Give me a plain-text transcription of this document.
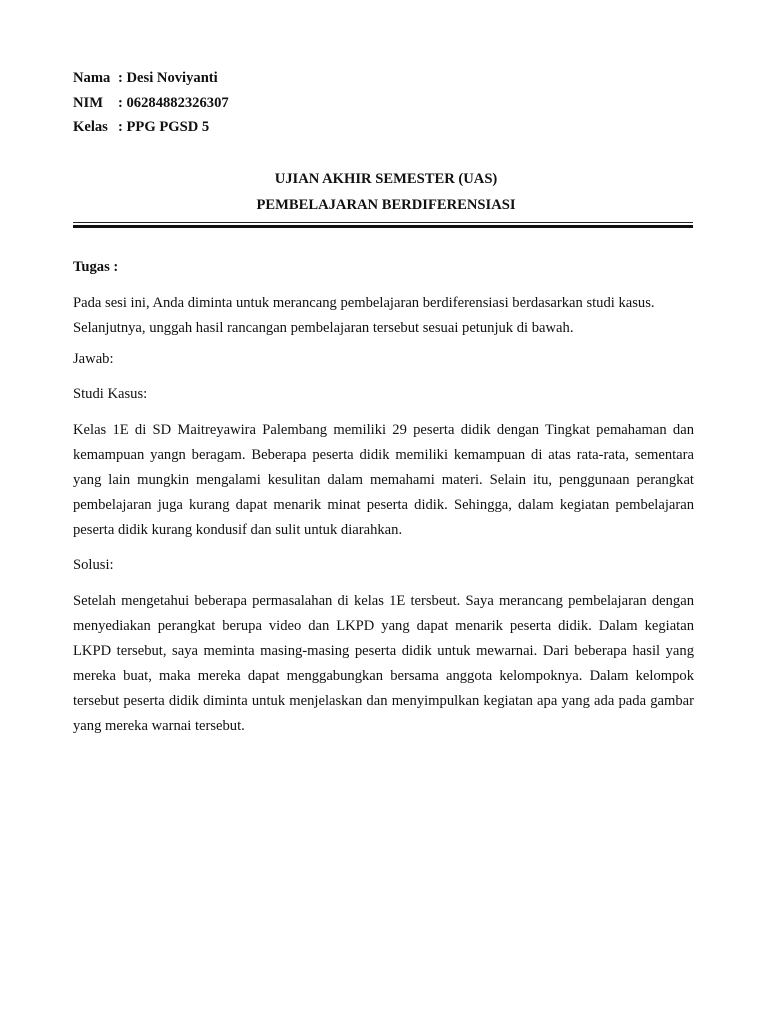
Nama : Desi Noviyanti
NIM	: 06284882326307
Kelas : PPG PGSD 5
UJIAN AKHIR SEMESTER (UAS)
PEMBELAJARAN BERDIFERENSIASI

Tugas :

Pada sesi ini, Anda diminta untuk merancang pembelajaran berdiferensiasi berdasarkan studi kasus.
Selanjutnya, unggah hasil rancangan pembelajaran tersebut sesuai petunjuk di bawah.

Jawab:

Studi Kasus:

Kelas 1E di SD Maitreyawira Palembang memiliki 29 peserta didik dengan Tingkat pemahaman dan kemampuan yangn beragam. Beberapa peserta didik memiliki kemampuan di atas rata-rata, sementara yang lain mungkin mengalami kesulitan dalam memahami materi. Selain itu, penggunaan perangkat pembelajaran juga kurang dapat menarik minat peserta didik. Sehingga, dalam kegiatan pembelajaran peserta didik kurang kondusif dan sulit untuk diarahkan.

Solusi:

Setelah mengetahui beberapa permasalahan di kelas 1E tersbeut. Saya merancang pembelajaran dengan menyediakan perangkat berupa video dan LKPD yang dapat menarik peserta didik. Dalam kegiatan LKPD tersebut, saya meminta masing-masing peserta didik untuk mewarnai. Dari beberapa hasil yang mereka buat, maka mereka dapat menggabungkan bersama anggota kelompoknya. Dalam kelompok tersebut peserta didik diminta untuk menjelaskan dan menyimpulkan kegiatan apa yang ada pada gambar yang mereka warnai tersebut.
